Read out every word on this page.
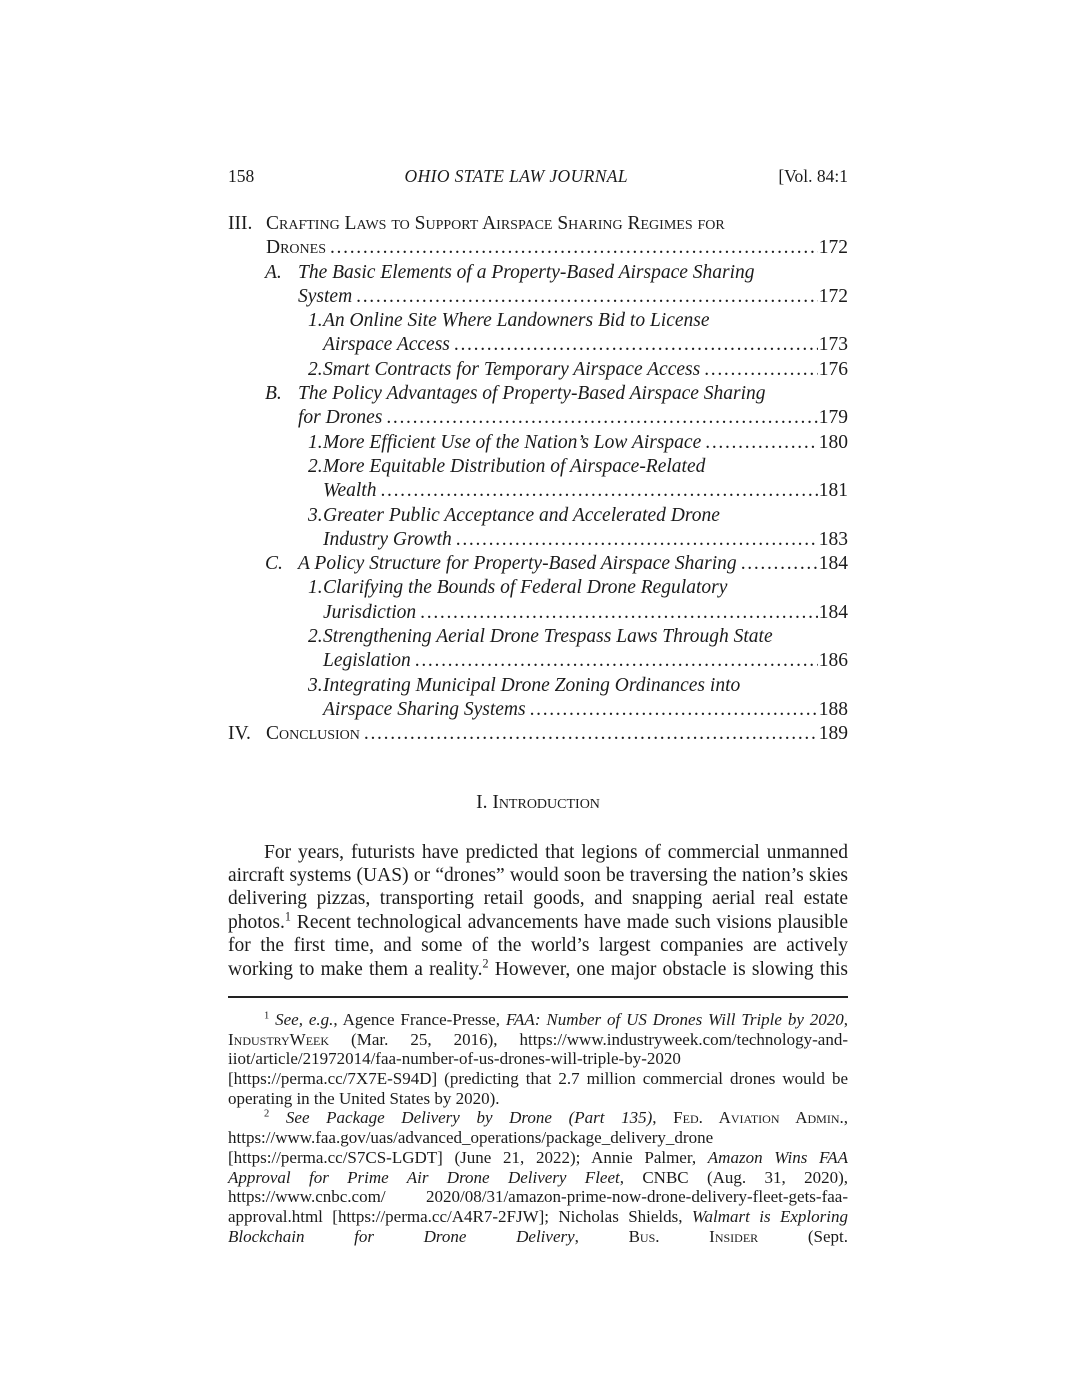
158	OHIO STATE LAW JOURNAL	[Vol. 84:1
III. Crafting Laws to Support Airspace Sharing Regimes for
Drones .....	172
A. The Basic Elements of a Property-Based Airspace Sharing
System .....	172
1. An Online Site Where Landowners Bid to License
Airspace Access .....	173
2. Smart Contracts for Temporary Airspace Access .....	176
B. The Policy Advantages of Property-Based Airspace Sharing
for Drones .....	179
1. More Efficient Use of the Nation’s Low Airspace .....	180
2. More Equitable Distribution of Airspace-Related
Wealth .....	181
3. Greater Public Acceptance and Accelerated Drone
Industry Growth .....	183
C. A Policy Structure for Property-Based Airspace Sharing .....	184
1. Clarifying the Bounds of Federal Drone Regulatory
Jurisdiction .....	184
2. Strengthening Aerial Drone Trespass Laws Through State
Legislation .....	186
3. Integrating Municipal Drone Zoning Ordinances into
Airspace Sharing Systems .....	188
IV. Conclusion .....	189
I. Introduction

For years, futurists have predicted that legions of commercial unmanned aircraft systems (UAS) or “drones” would soon be traversing the nation’s skies delivering pizzas, transporting retail goods, and snapping aerial real estate photos.$^1$ Recent technological advancements have made such visions plausible for the first time, and some of the world’s largest companies are actively working to make them a reality.$^2$ However, one major obstacle is slowing this

$^1$ See, e.g., Agence France-Presse, FAA: Number of US Drones Will Triple by 2020, IndustryWeek (Mar. 25, 2016), https://www.industryweek.com/technology-and-iiot/article/21972014/faa-number-of-us-drones-will-triple-by-2020 [https://perma.cc/7X7E-S94D] (predicting that 2.7 million commercial drones would be operating in the United States by 2020).

$^2$ See Package Delivery by Drone (Part 135), Fed. Aviation Admin., https://www.faa.gov/uas/advanced_operations/package_delivery_drone [https://perma.cc/S7CS-LGDT] (June 21, 2022); Annie Palmer, Amazon Wins FAA Approval for Prime Air Drone Delivery Fleet, CNBC (Aug. 31, 2020), https://www.cnbc.com/ 2020/08/31/amazon-prime-now-drone-delivery-fleet-gets-faa-approval.html [https://perma.cc/A4R7-2FJW]; Nicholas Shields, Walmart is Exploring Blockchain for Drone Delivery, Bus. Insider (Sept.
